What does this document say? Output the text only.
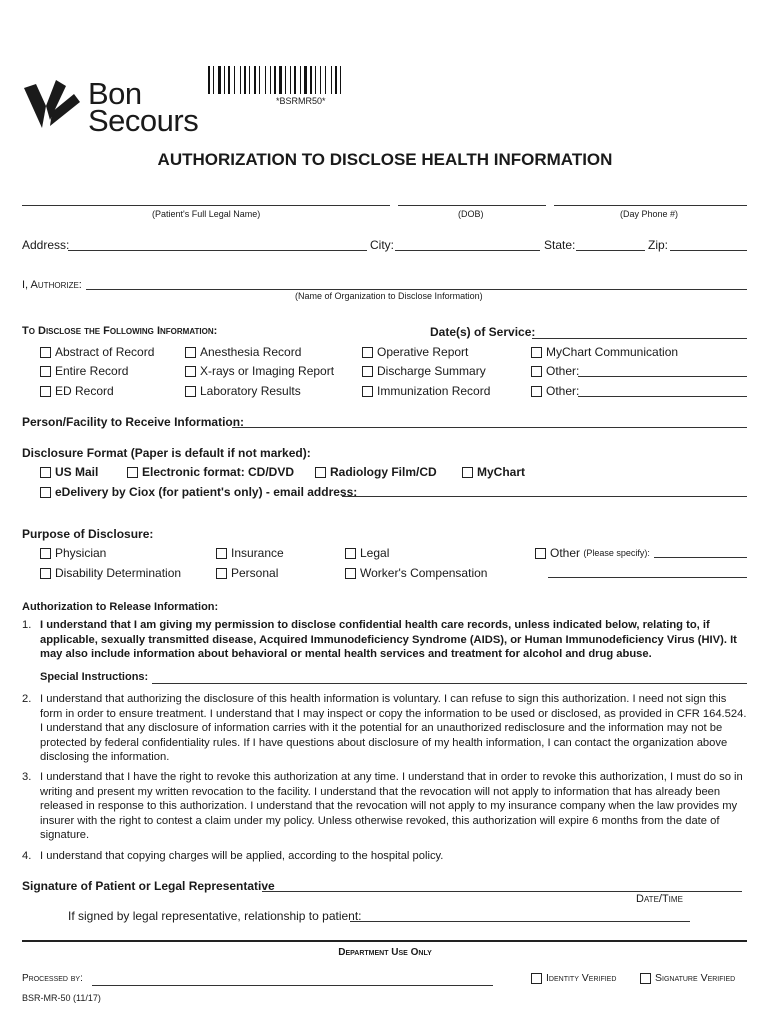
Bon
Secours
*BSRMR50*
AUTHORIZATION TO DISCLOSE HEALTH INFORMATION
(Patient's Full Legal Name)	(DOB)	(Day Phone #)
Address:	City:	State:	Zip:
I, Authorize:
(Name of Organization to Disclose Information)
To Disclose the Following Information:	Date(s) of Service:
Abstract of Record	Anesthesia Record	Operative Report	MyChart Communication
Entire Record	X-rays or Imaging Report	Discharge Summary	Other:
ED Record	Laboratory Results	Immunization Record	Other:
Person/Facility to Receive Information:
Disclosure Format (Paper is default if not marked):
US Mail	Electronic format: CD/DVD	Radiology Film/CD	MyChart
eDelivery by Ciox (for patient's only) - email address:
Purpose of Disclosure:
Physician	Insurance	Legal	Other
(Please specify):
Disability Determination	Personal	Worker's Compensation
Authorization to Release Information:
1. I understand that I am giving my permission to disclose confidential health care records, unless indicated below, relating to, if applicable, sexually transmitted disease, Acquired Immunodeficiency Syndrome (AIDS), or Human Immunodeficiency Virus (HIV). It may also include information about behavioral or mental health services and treatment for alcohol and drug abuse.
Special Instructions:
2. I understand that authorizing the disclosure of this health information is voluntary. I can refuse to sign this authorization. I need not sign this form in order to ensure treatment. I understand that I may inspect or copy the information to be used or disclosed, as provided in CFR 164.524. I understand that any disclosure of information carries with it the potential for an unauthorized redisclosure and the information may not be protected by federal confidentiality rules. If I have questions about disclosure of my health information, I can contact the organization above disclosing the information.
3. I understand that I have the right to revoke this authorization at any time. I understand that in order to revoke this authorization, I must do so in writing and present my written revocation to the facility. I understand that the revocation will not apply to information that has already been released in response to this authorization. I understand that the revocation will not apply to my insurance company when the law provides my insurer with the right to contest a claim under my policy. Unless otherwise revoked, this authorization will expire 6 months from the date of signature.
4. I understand that copying charges will be applied, according to the hospital policy.
Signature of Patient or Legal Representative
Date/Time
If signed by legal representative, relationship to patient:
Department Use Only
Processed by:	Identity Verified	Signature Verified
BSR-MR-50 (11/17)
